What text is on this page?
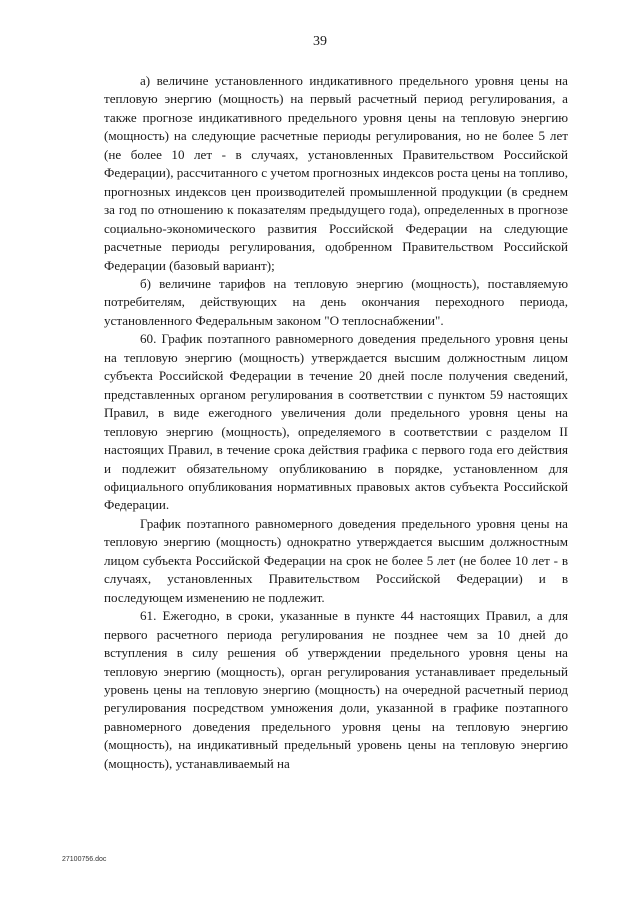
39

а) величине установленного индикативного предельного уровня цены на тепловую энергию (мощность) на первый расчетный период регулирования, а также прогнозе индикативного предельного уровня цены на тепловую энергию (мощность) на следующие расчетные периоды регулирования, но не более 5 лет (не более 10 лет - в случаях, установленных Правительством Российской Федерации), рассчитанного с учетом прогнозных индексов роста цены на топливо, прогнозных индексов цен производителей промышленной продукции (в среднем за год по отношению к показателям предыдущего года), определенных в прогнозе социально-экономического развития Российской Федерации на следующие расчетные периоды регулирования, одобренном Правительством Российской Федерации (базовый вариант);

б) величине тарифов на тепловую энергию (мощность), поставляемую потребителям, действующих на день окончания переходного периода, установленного Федеральным законом "О теплоснабжении".

60. График поэтапного равномерного доведения предельного уровня цены на тепловую энергию (мощность) утверждается высшим должностным лицом субъекта Российской Федерации в течение 20 дней после получения сведений, представленных органом регулирования в соответствии с пунктом 59 настоящих Правил, в виде ежегодного увеличения доли предельного уровня цены на тепловую энергию (мощность), определяемого в соответствии с разделом II настоящих Правил, в течение срока действия графика с первого года его действия и подлежит обязательному опубликованию в порядке, установленном для официального опубликования нормативных правовых актов субъекта Российской Федерации.

График поэтапного равномерного доведения предельного уровня цены на тепловую энергию (мощность) однократно утверждается высшим должностным лицом субъекта Российской Федерации на срок не более 5 лет (не более 10 лет - в случаях, установленных Правительством Российской Федерации) и в последующем изменению не подлежит.

61. Ежегодно, в сроки, указанные в пункте 44 настоящих Правил, а для первого расчетного периода регулирования не позднее чем за 10 дней до вступления в силу решения об утверждении предельного уровня цены на тепловую энергию (мощность), орган регулирования устанавливает предельный уровень цены на тепловую энергию (мощность) на очередной расчетный период регулирования посредством умножения доли, указанной в графике поэтапного равномерного доведения предельного уровня цены на тепловую энергию (мощность), на индикативный предельный уровень цены на тепловую энергию (мощность), устанавливаемый на

27100756.doc
